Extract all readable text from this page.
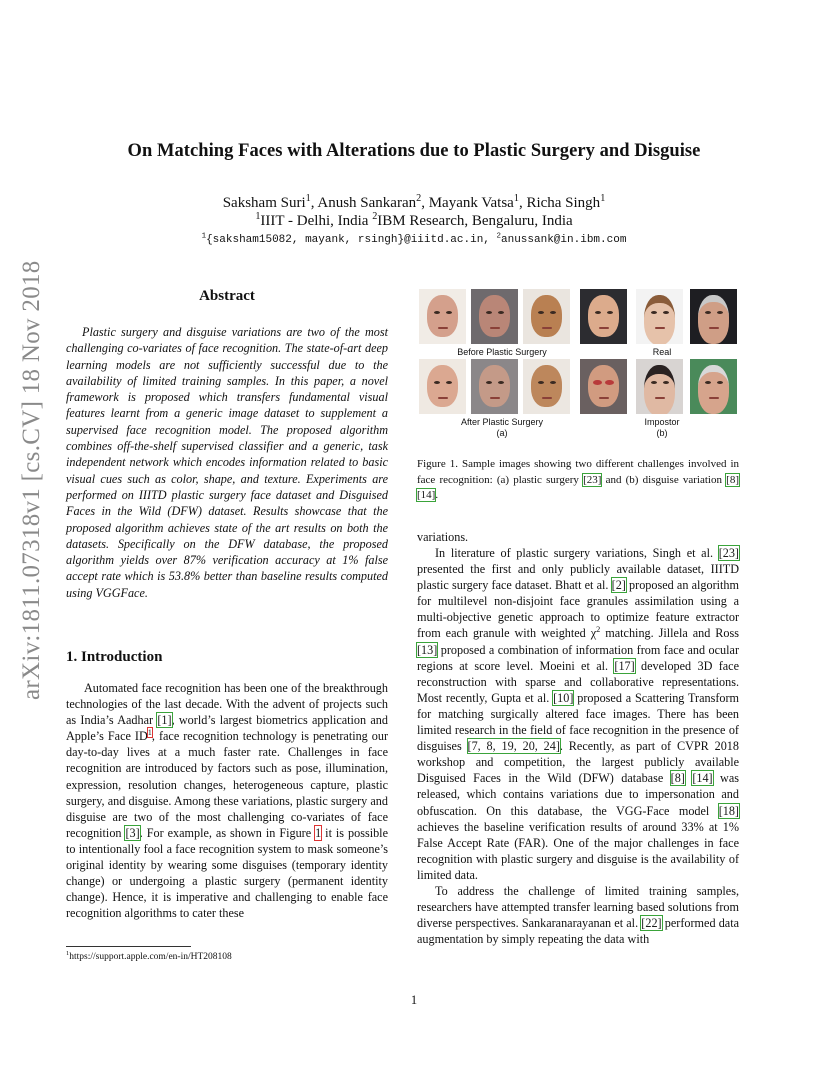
arXiv:1811.07318v1 [cs.CV] 18 Nov 2018
On Matching Faces with Alterations due to Plastic Surgery and Disguise
Saksham Suri$^1$, Anush Sankaran$^2$, Mayank Vatsa$^1$, Richa Singh$^1$
$^1$IIIT - Delhi, India $^2$IBM Research, Bengaluru, India
$^1${saksham15082, mayank, rsingh}@iiitd.ac.in, $^2$anussank@in.ibm.com
Abstract
Plastic surgery and disguise variations are two of the most challenging co-variates of face recognition. The state-of-art deep learning models are not sufficiently successful due to the availability of limited training samples. In this paper, a novel framework is proposed which transfers fundamental visual features learnt from a generic image dataset to supplement a supervised face recognition model. The proposed algorithm combines off-the-shelf supervised classifier and a generic, task independent network which encodes information related to basic visual cues such as color, shape, and texture. Experiments are performed on IIITD plastic surgery face dataset and Disguised Faces in the Wild (DFW) dataset. Results showcase that the proposed algorithm achieves state of the art results on both the datasets. Specifically on the DFW database, the proposed algorithm yields over 87% verification accuracy at 1% false accept rate which is 53.8% better than baseline results computed using VGGFace.
1. Introduction
Automated face recognition has been one of the breakthrough technologies of the last decade. With the advent of projects such as India’s Aadhar [1], world’s largest biometrics application and Apple’s Face ID$^1$, face recognition technology is penetrating our day-to-day lives at a much faster rate. Challenges in face recognition are introduced by factors such as pose, illumination, expression, resolution changes, heterogeneous capture, plastic surgery, and disguise. Among these variations, plastic surgery and disguise are two of the most challenging co-variates of face recognition [3]. For example, as shown in Figure 1 it is possible to intentionally fool a face recognition system to mask someone’s original identity by wearing some disguises (temporary identity change) or undergoing a plastic surgery (permanent identity change). Hence, it is imperative and challenging to enable face recognition algorithms to cater these
$^1$https://support.apple.com/en-in/HT208108
Before Plastic Surgery	Real
After Plastic Surgery
(a)
Impostor
(b)
Figure 1. Sample images showing two different challenges involved in face recognition: (a) plastic surgery [23] and (b) disguise variation [8] [14].
variations.
In literature of plastic surgery variations, Singh et al. [23] presented the first and only publicly available dataset, IIITD plastic surgery face dataset. Bhatt et al. [2] proposed an algorithm for multilevel non-disjoint face granules assimilation using a multi-objective genetic approach to optimize feature extractor from each granule with weighted $\chi^2$ matching. Jillela and Ross [13] proposed a combination of information from face and ocular regions at score level. Moeini et al. [17] developed 3D face reconstruction with sparse and collaborative representations. Most recently, Gupta et al. [10] proposed a Scattering Transform for matching surgically altered face images. There has been limited research in the field of face recognition in the presence of disguises [7, 8, 19, 20, 24]. Recently, as part of CVPR 2018 workshop and competition, the largest publicly available Disguised Faces in the Wild (DFW) database [8] [14] was released, which contains variations due to impersonation and obfuscation. On this database, the VGG-Face model [18] achieves the baseline verification results of around 33% at 1% False Accept Rate (FAR). One of the major challenges in face recognition with plastic surgery and disguise is the availability of limited data.
To address the challenge of limited training samples, researchers have attempted transfer learning based solutions from diverse perspectives. Sankaranarayanan et al. [22] performed data augmentation by simply repeating the data with
1
